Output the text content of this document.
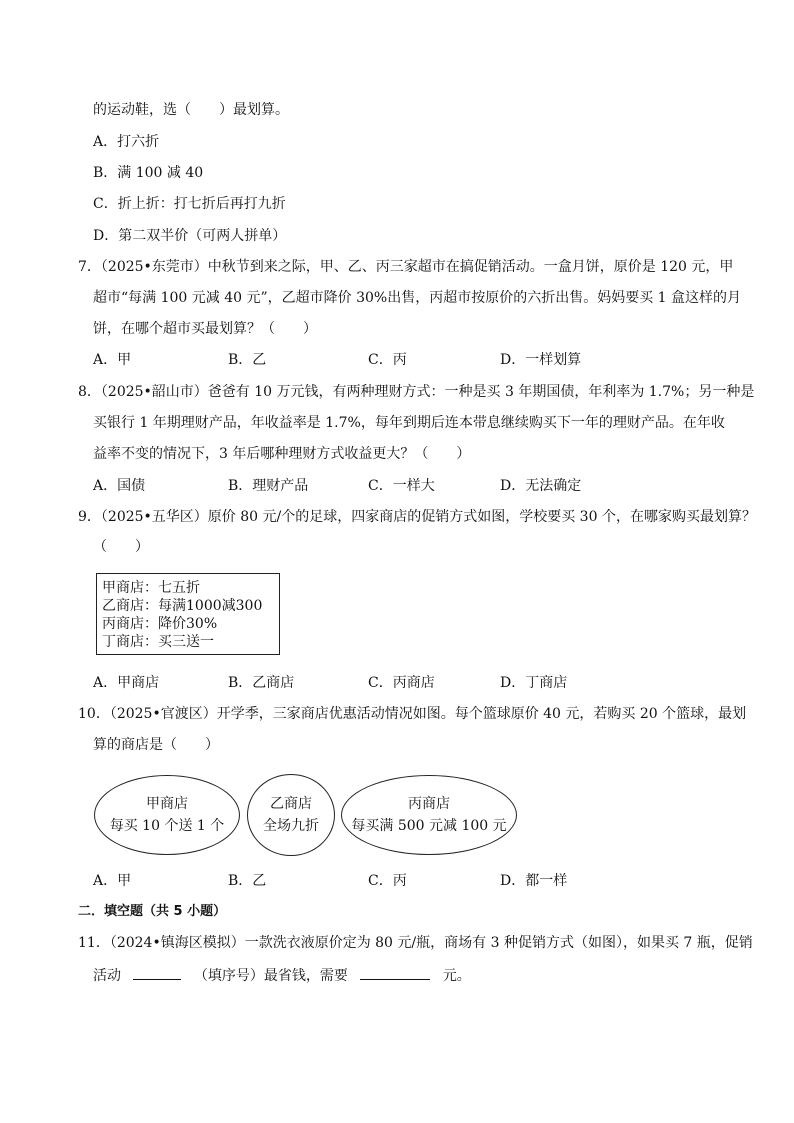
的运动鞋，选（　　）最划算。
A．打六折
B．满 100 减 40
C．折上折：打七折后再打九折
D．第二双半价（可两人拼单）
7．（2025•东莞市）中秋节到来之际，甲、乙、丙三家超市在搞促销活动。一盒月饼，原价是 120 元，甲
超市“每满 100 元减 40 元”，乙超市降价 30%出售，丙超市按原价的六折出售。妈妈要买 1 盒这样的月
饼，在哪个超市买最划算？（　　）
A．甲	B．乙	C．丙	D．一样划算
8．（2025•韶山市）爸爸有 10 万元钱，有两种理财方式：一种是买 3 年期国债，年利率为 1.7%；另一种是
买银行 1 年期理财产品，年收益率是 1.7%，每年到期后连本带息继续购买下一年的理财产品。在年收
益率不变的情况下，3 年后哪种理财方式收益更大？（　　）
A．国债	B．理财产品	C．一样大	D．无法确定
9．（2025•五华区）原价 80 元/个的足球，四家商店的促销方式如图，学校要买 30 个，在哪家购买最划算？
（　　）
甲商店：七五折
乙商店：每满1000减300
丙商店：降价30%
丁商店：买三送一
A．甲商店	B．乙商店	C．丙商店	D．丁商店
10．（2025•官渡区）开学季，三家商店优惠活动情况如图。每个篮球原价 40 元，若购买 20 个篮球，最划
算的商店是（　　）
甲商店
每买 10 个送 1 个
乙商店
全场九折
丙商店
每买满 500 元减 100 元
A．甲	B．乙	C．丙	D．都一样
二．填空题（共 5 小题）
11．（2024•镇海区模拟）一款洗衣液原价定为 80 元/瓶，商场有 3 种促销方式（如图），如果买 7 瓶，促销
活动	（填序号）最省钱，需要	元。
